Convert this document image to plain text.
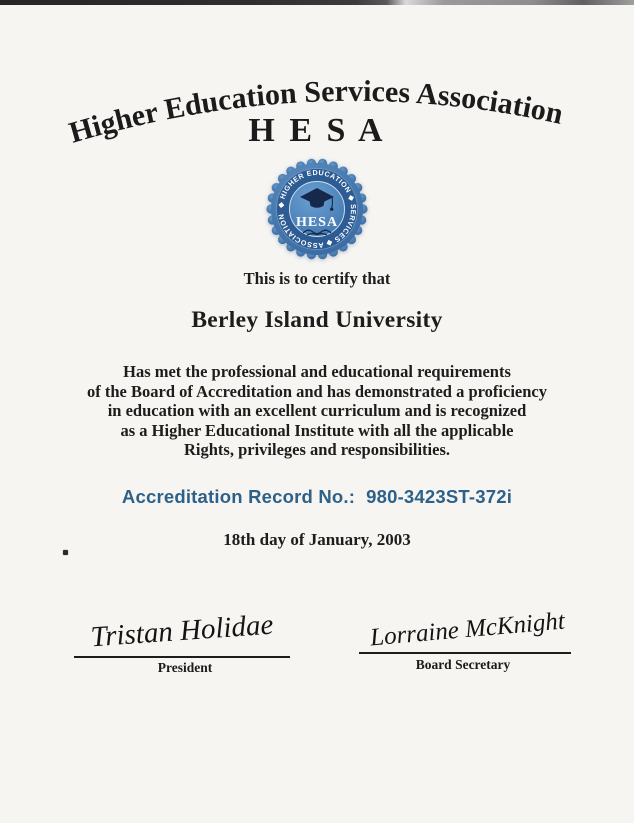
Higher Education Services Association
H E S A
◆ HIGHER EDUCATION ◆ SERVICES ◆ ASSOCIATION HESA
This is to certify that
Berley Island University
Has met the professional and educational requirements
of the Board of Accreditation and has demonstrated a proficiency
in education with an excellent curriculum and is recognized
as a Higher Educational Institute with all the applicable
Rights, privileges and responsibilities.
Accreditation Record No.: 980-3423ST-372i
18th day of January, 2003
Tristan Holidae
President
Lorraine McKnight
Board Secretary
